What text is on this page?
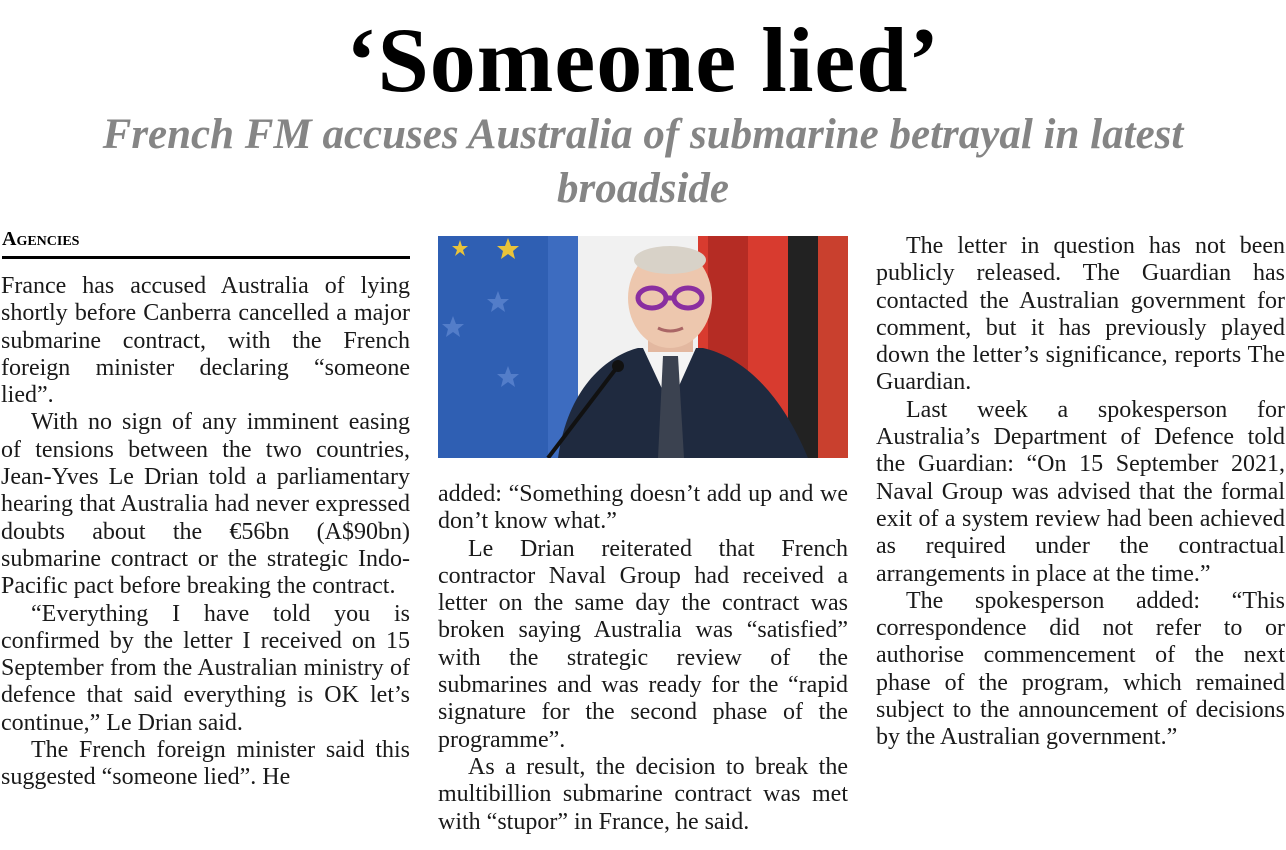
‘Someone lied’
French FM accuses Australia of submarine betrayal in latest broadside
Agencies

France has accused Australia of lying shortly before Canberra cancelled a major submarine contract, with the French foreign minister declaring “someone lied”.

With no sign of any imminent easing of tensions between the two countries, Jean-Yves Le Drian told a parliamentary hearing that Australia had never expressed doubts about the €56bn (A$90bn) submarine contract or the strategic Indo-Pacific pact before breaking the contract.

“Everything I have told you is confirmed by the letter I received on 15 September from the Australian ministry of defence that said everything is OK let’s continue,” Le Drian said.

The French foreign minister said this suggested “someone lied”. He

added: “Something doesn’t add up and we don’t know what.”

Le Drian reiterated that French contractor Naval Group had received a letter on the same day the contract was broken saying Australia was “satisfied” with the strategic review of the submarines and was ready for the “rapid signature for the second phase of the programme”.

As a result, the decision to break the multibillion submarine contract was met with “stupor” in France, he said.

The letter in question has not been publicly released. The Guardian has contacted the Australian government for comment, but it has previously played down the letter’s significance, reports The Guardian.

Last week a spokesperson for Australia’s Department of Defence told the Guardian: “On 15 September 2021, Naval Group was advised that the formal exit of a system review had been achieved as required under the contractual arrangements in place at the time.”

The spokesperson added: “This correspondence did not refer to or authorise commencement of the next phase of the program, which remained subject to the announcement of decisions by the Australian government.”
